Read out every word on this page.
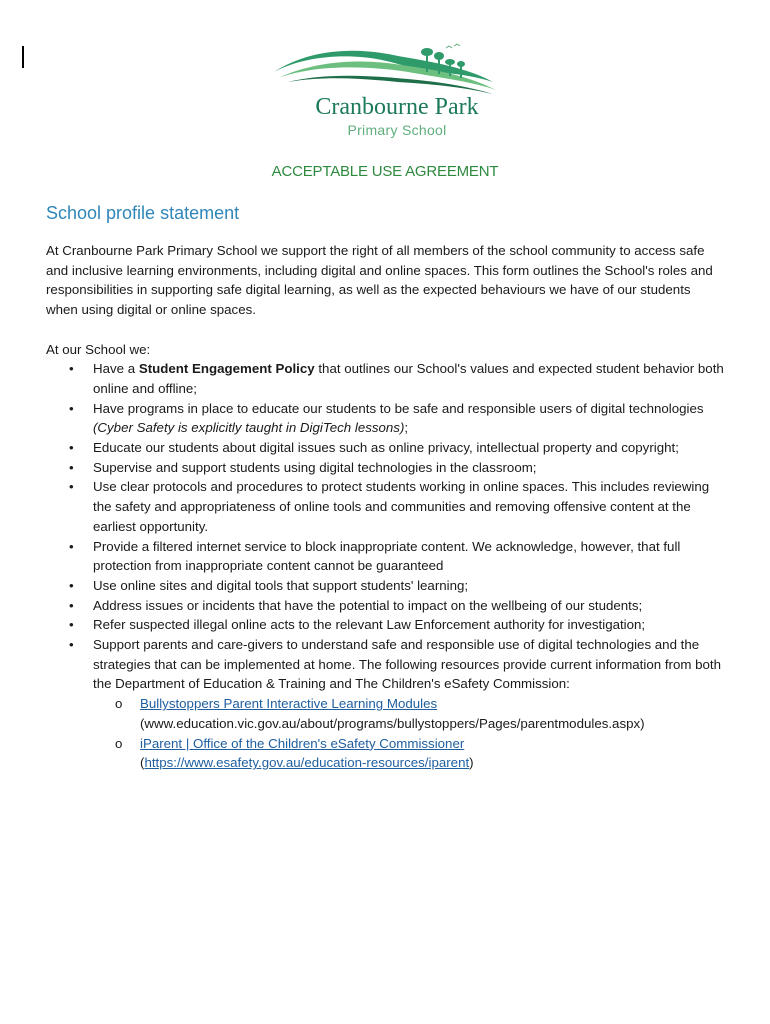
Cranbourne Park
Primary School
ACCEPTABLE USE AGREEMENT
School profile statement

At Cranbourne Park Primary School we support the right of all members of the school community to access safe and inclusive learning environments, including digital and online spaces. This form outlines the School's roles and responsibilities in supporting safe digital learning, as well as the expected behaviours we have of our students when using digital or online spaces.

At our School we:

• Have a Student Engagement Policy that outlines our School's values and expected student behavior both online and offline;
• Have programs in place to educate our students to be safe and responsible users of digital technologies (Cyber Safety is explicitly taught in DigiTech lessons);
• Educate our students about digital issues such as online privacy, intellectual property and copyright;
• Supervise and support students using digital technologies in the classroom;
• Use clear protocols and procedures to protect students working in online spaces. This includes reviewing the safety and appropriateness of online tools and communities and removing offensive content at the earliest opportunity.
• Provide a filtered internet service to block inappropriate content. We acknowledge, however, that full protection from inappropriate content cannot be guaranteed
• Use online sites and digital tools that support students' learning;
• Address issues or incidents that have the potential to impact on the wellbeing of our students;
• Refer suspected illegal online acts to the relevant Law Enforcement authority for investigation;
• Support parents and care-givers to understand safe and responsible use of digital technologies and the strategies that can be implemented at home. The following resources provide current information from both the Department of Education & Training and The Children's eSafety Commission:
o Bullystoppers Parent Interactive Learning Modules
(www.education.vic.gov.au/about/programs/bullystoppers/Pages/parentmodules.aspx)
o iParent | Office of the Children's eSafety Commissioner
(https://www.esafety.gov.au/education-resources/iparent)
